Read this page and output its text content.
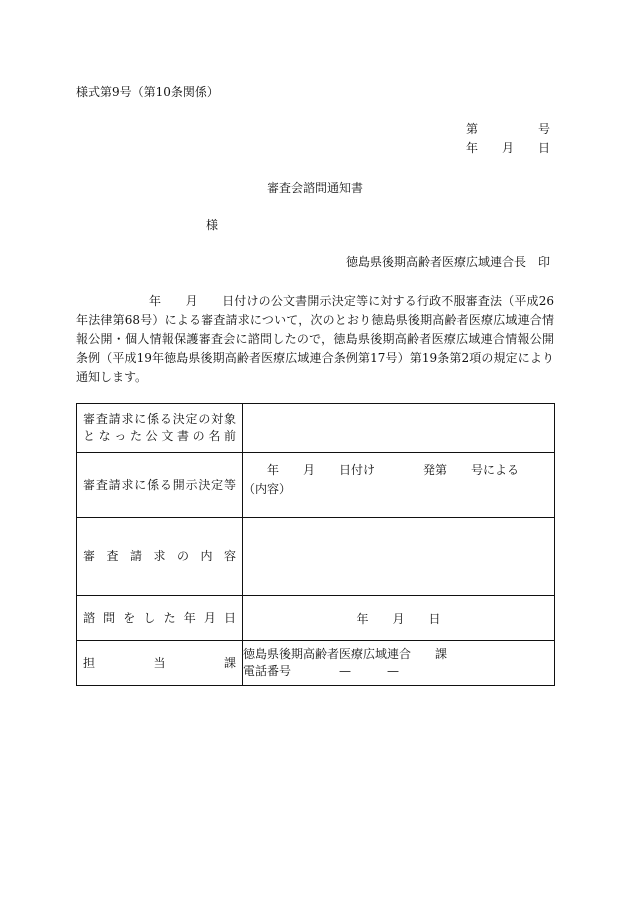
様式第9号（第10条関係）
第　　　　　号
年　　月　　日
審査会諮問通知書
様
徳島県後期高齢者医療広域連合長　印

　　　　　　年　　月　　日付けの公文書開示決定等に対する行政不服審査法（平成26年法律第68号）による審査請求について，次のとおり徳島県後期高齢者医療広域連合情報公開・個人情報保護審査会に諮問したので，徳島県後期高齢者医療広域連合情報公開条例（平成19年徳島県後期高齢者医療広域連合条例第17号）第19条第2項の規定により通知します。

審査請求に係る決定の対象
となった公文書の名前	

審査請求に係る開示決定等	　　年　　月　　日付け　　　　発第　　号による
（内容）

審査請求の内容	

諮問をした年月日	年　　月　　日

担当課	徳島県後期高齢者医療広域連合　　課
電話番号　　　　—　　　—
